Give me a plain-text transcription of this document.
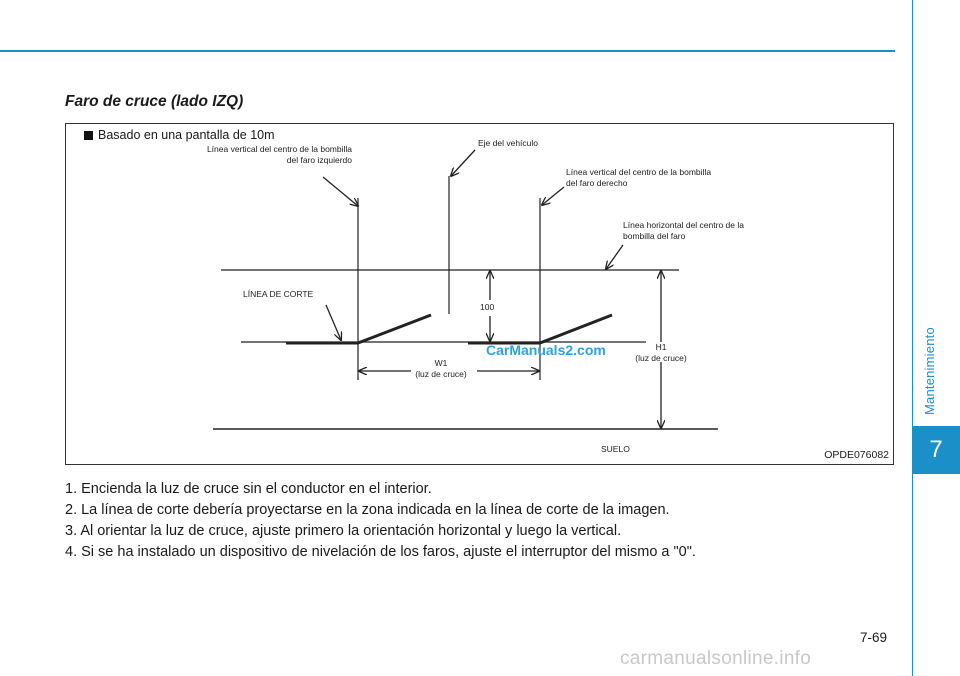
Mantenimiento
7
Faro de cruce (lado IZQ)
Basado en una pantalla de 10m
Línea vertical del centro de la bombilla
del faro izquierdo
Eje del vehículo
Línea vertical del centro de la bombilla
del faro derecho
Línea horizontal del centro de la
bombilla del faro
LÍNEA DE CORTE
100
W1
(luz de cruce)
H1
(luz de cruce)
SUELO
CarManuals2.com
OPDE076082
1. Encienda la luz de cruce sin el conductor en el interior.
2. La línea de corte debería proyectarse en la zona indicada en la línea de corte de la imagen.
3. Al orientar la luz de cruce, ajuste primero la orientación horizontal y luego la vertical.
4. Si se ha instalado un dispositivo de nivelación de los faros, ajuste el interruptor del mismo a "0".
7-69
carmanualsonline.info
